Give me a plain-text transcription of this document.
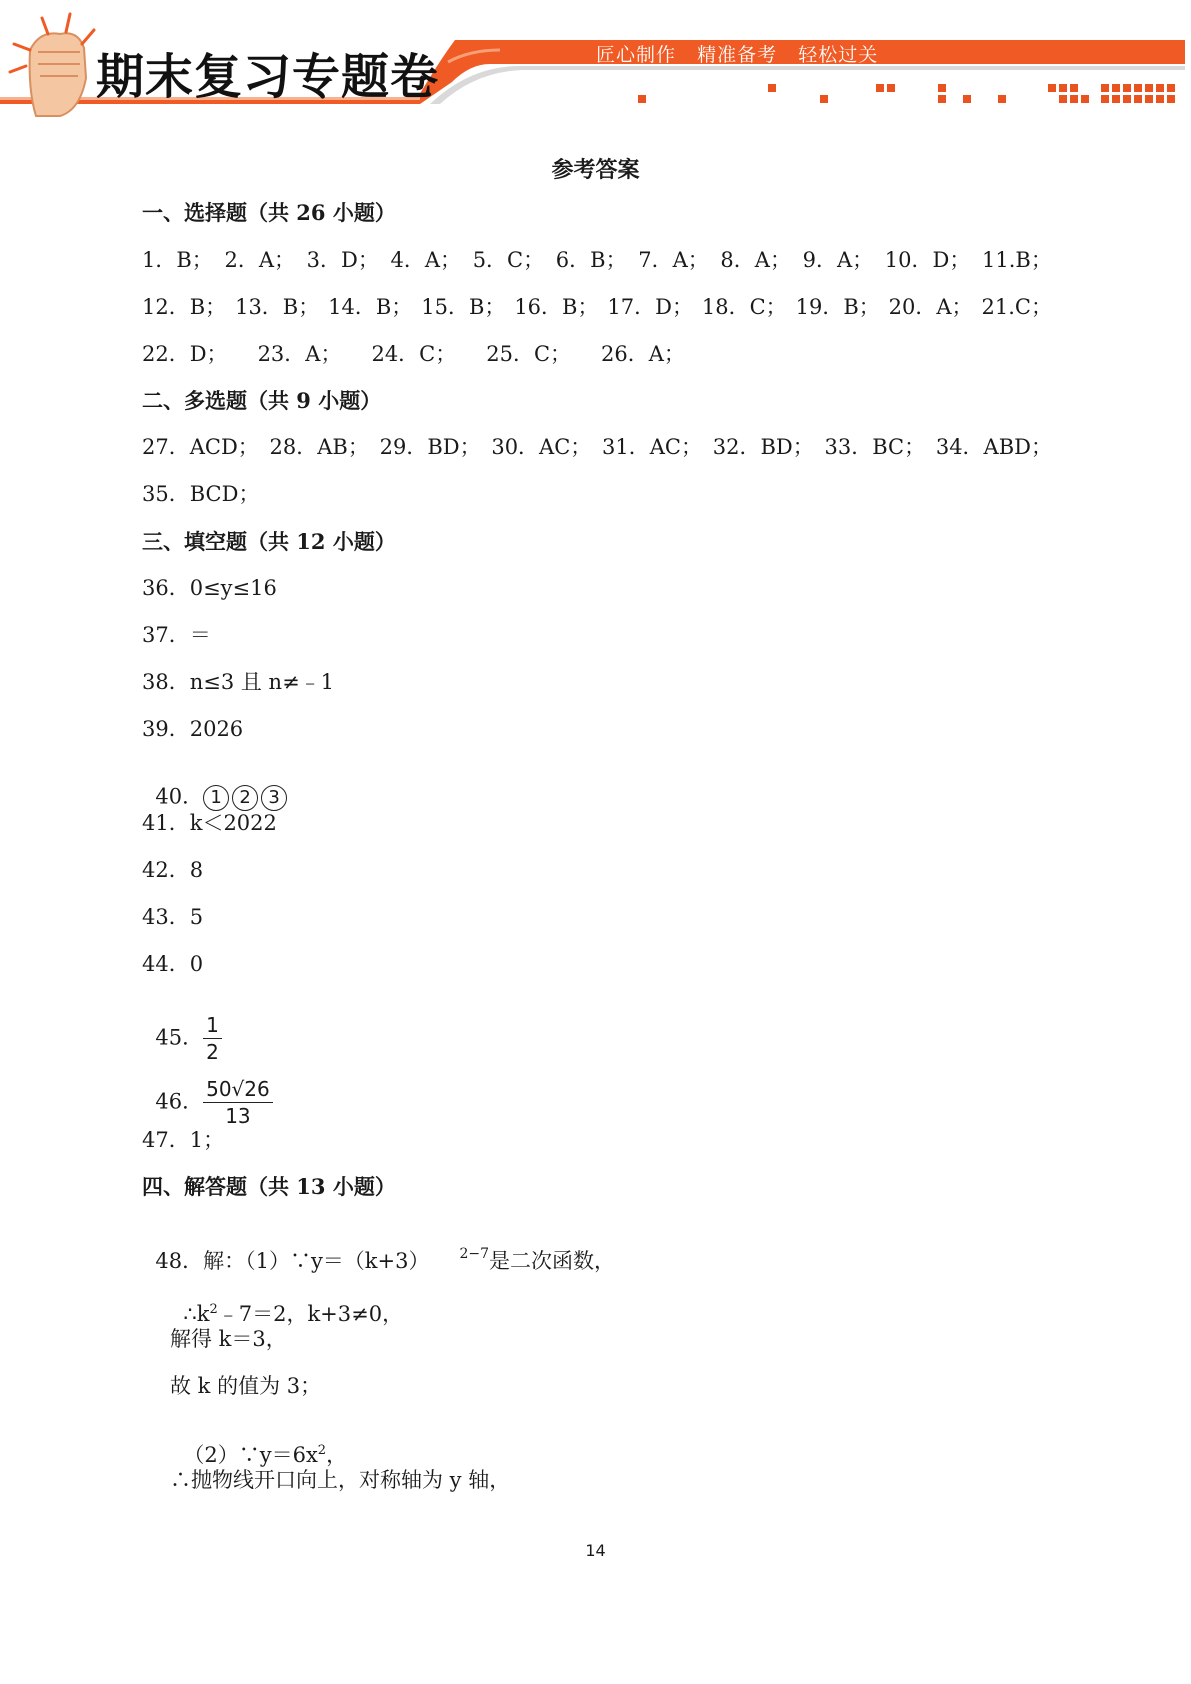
期末复习专题卷	匠心制作   精准备考   轻松过关
参考答案
一、选择题（共 26 小题）
1．B； 2．A； 3．D； 4．A； 5．C； 6．B； 7．A； 8．A； 9．A； 10．D； 11.B；
12．B； 13．B； 14．B； 15．B； 16．B； 17．D； 18．C； 19．B； 20．A； 21.C；
22．D； 23．A； 24．C； 25．C； 26．A；
二、多选题（共 9 小题）
27．ACD； 28．AB； 29．BD； 30．AC； 31．AC； 32．BD； 33．BC； 34．ABD；
35．BCD；
三、填空题（共 12 小题）
36．0≤y≤16
37．＝
38．n≤3 且 n≠﹣1
39．2026

40． 1 2 3

41．k＜2022
42．8
43．5
44．0

45． $\frac{1}{2}$

46． $\frac{50√26}{13}$

47．1；
四、解答题（共 13 小题）

48．解：（1）∵y＝（k+3） $^{2-7}$是二次函数，

$\therefore k^2﹣7=2$，k+3≠0，

解得 k＝3，
故 k 的值为 3；

$(2)\because y=6x^2$，

∴抛物线开口向上，对称轴为 y 轴，
14
